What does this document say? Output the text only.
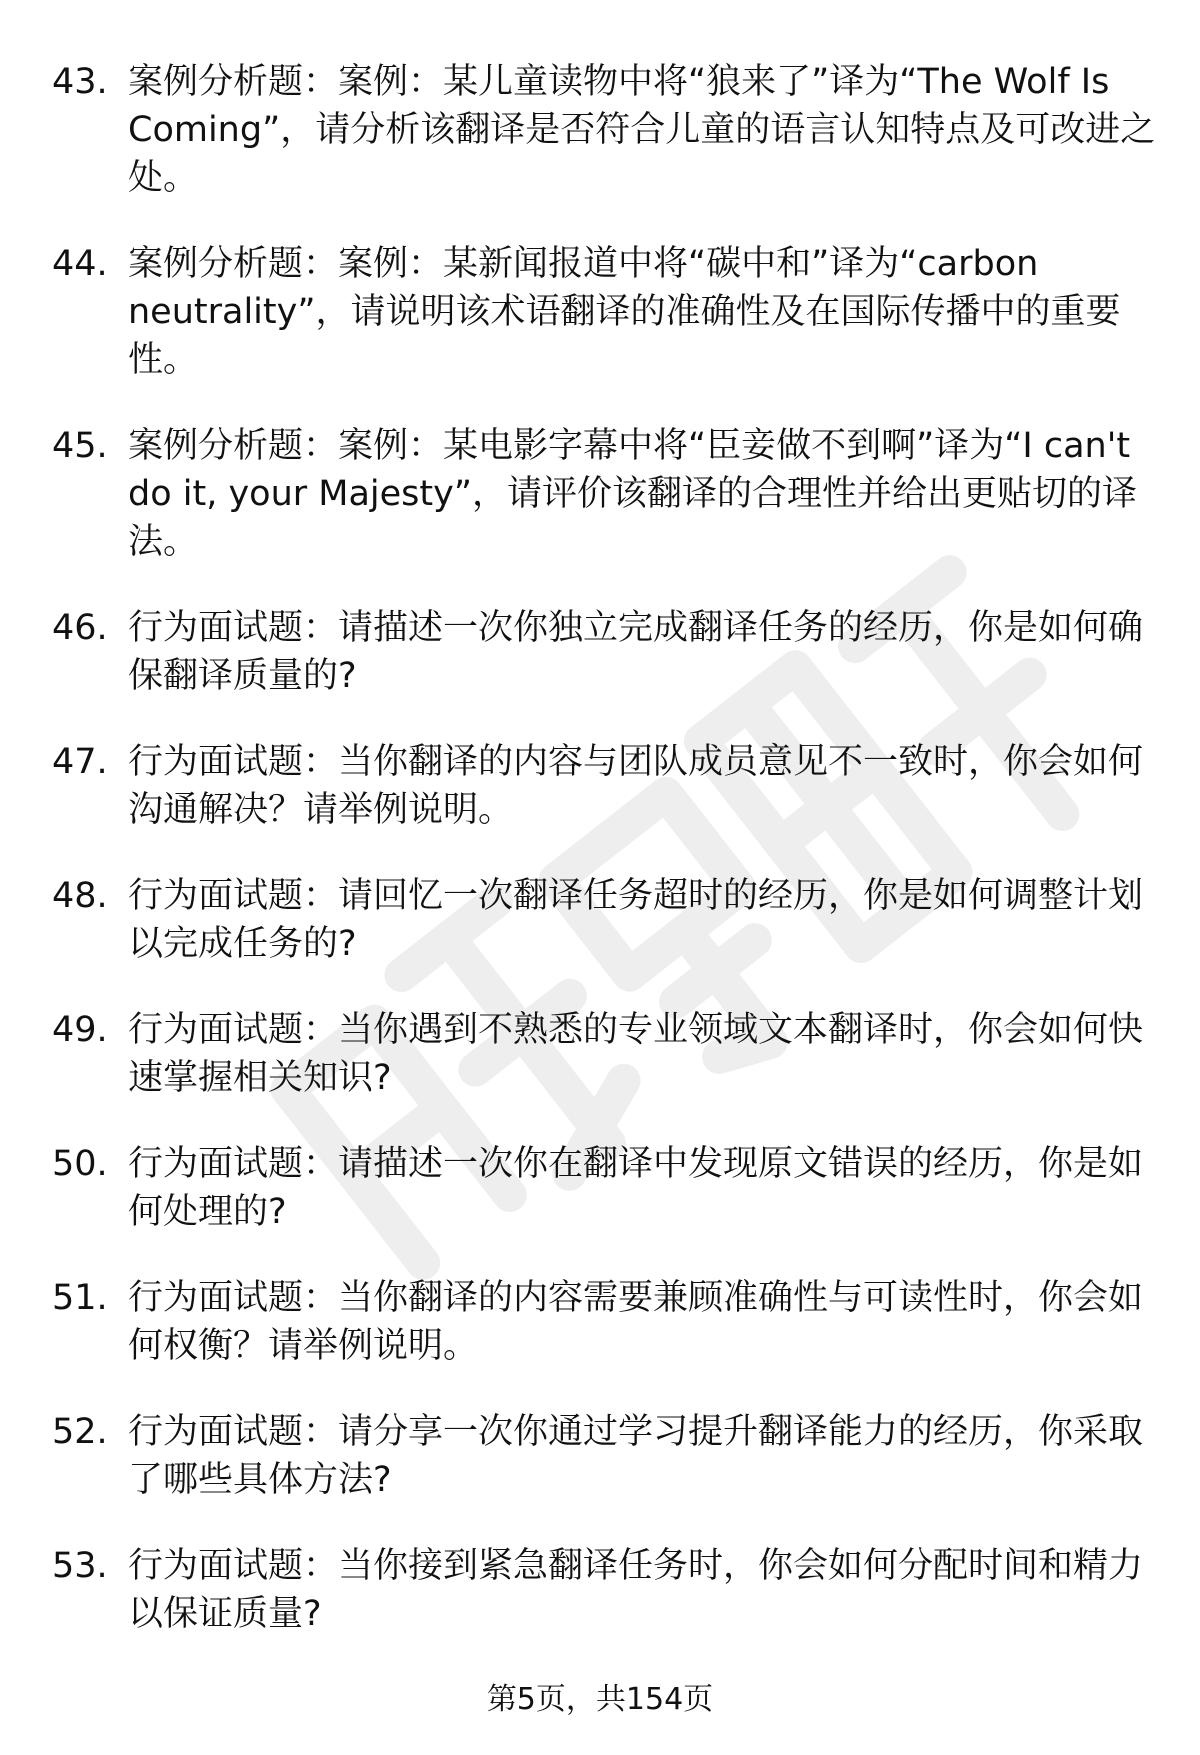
43. 案例分析题：案例：某儿童读物中将“狼来了”译为“The Wolf Is Coming”，请分析该翻译是否符合儿童的语言认知特点及可改进之处。
44. 案例分析题：案例：某新闻报道中将“碳中和”译为“carbon neutrality”，请说明该术语翻译的准确性及在国际传播中的重要性。
45. 案例分析题：案例：某电影字幕中将“臣妾做不到啊”译为“I can't do it, your Majesty”，请评价该翻译的合理性并给出更贴切的译法。
46. 行为面试题：请描述一次你独立完成翻译任务的经历，你是如何确保翻译质量的?
47. 行为面试题：当你翻译的内容与团队成员意见不一致时，你会如何沟通解决？请举例说明。
48. 行为面试题：请回忆一次翻译任务超时的经历，你是如何调整计划以完成任务的?
49. 行为面试题：当你遇到不熟悉的专业领域文本翻译时，你会如何快速掌握相关知识?
50. 行为面试题：请描述一次你在翻译中发现原文错误的经历，你是如何处理的?
51. 行为面试题：当你翻译的内容需要兼顾准确性与可读性时，你会如何权衡？请举例说明。
52. 行为面试题：请分享一次你通过学习提升翻译能力的经历，你采取了哪些具体方法?
53. 行为面试题：当你接到紧急翻译任务时，你会如何分配时间和精力以保证质量?
第5页，共154页
